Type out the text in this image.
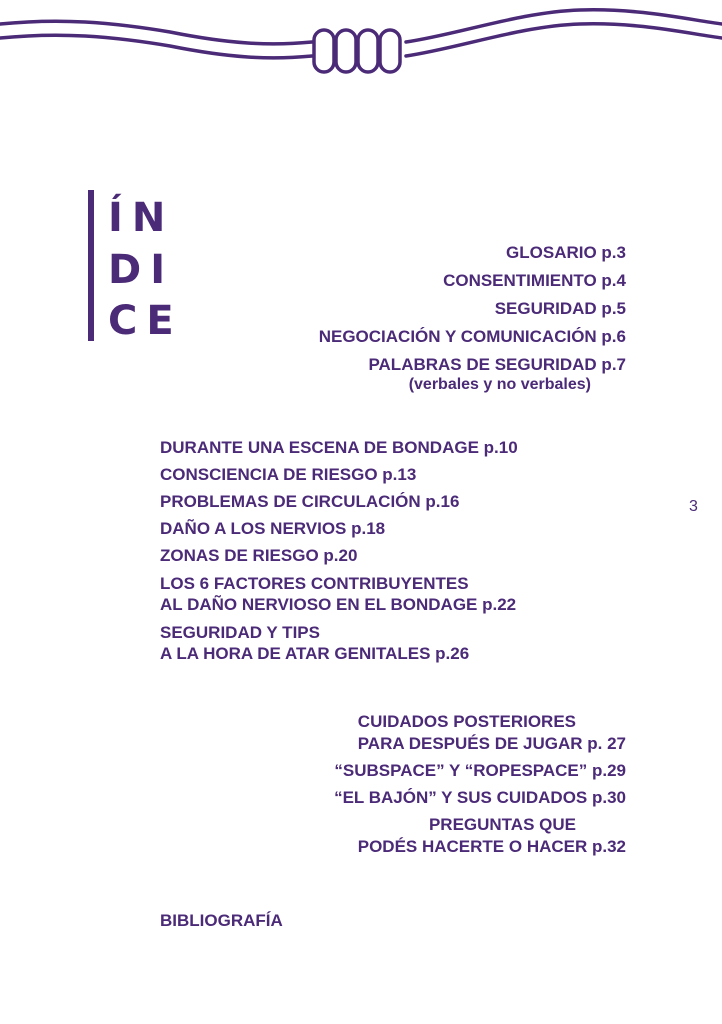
ÍN
DI
CE

GLOSARIO p.3

CONSENTIMIENTO p.4

SEGURIDAD p.5

NEGOCIACIÓN Y COMUNICACIÓN p.6

PALABRAS DE SEGURIDAD p.7

(verbales y no verbales)

DURANTE UNA ESCENA DE BONDAGE p.10

CONSCIENCIA DE RIESGO p.13

PROBLEMAS DE CIRCULACIÓN p.16

DAÑO A LOS NERVIOS p.18

ZONAS DE RIESGO p.20

LOS 6 FACTORES CONTRIBUYENTES

AL DAÑO NERVIOSO EN EL BONDAGE p.22

SEGURIDAD Y TIPS

A LA HORA DE ATAR GENITALES p.26

3

CUIDADOS POSTERIORES

PARA DESPUÉS DE JUGAR p. 27

“SUBSPACE” Y “ROPESPACE” p.29

“EL BAJÓN” Y SUS CUIDADOS p.30

PREGUNTAS QUE

PODÉS HACERTE O HACER p.32

BIBLIOGRAFÍA
